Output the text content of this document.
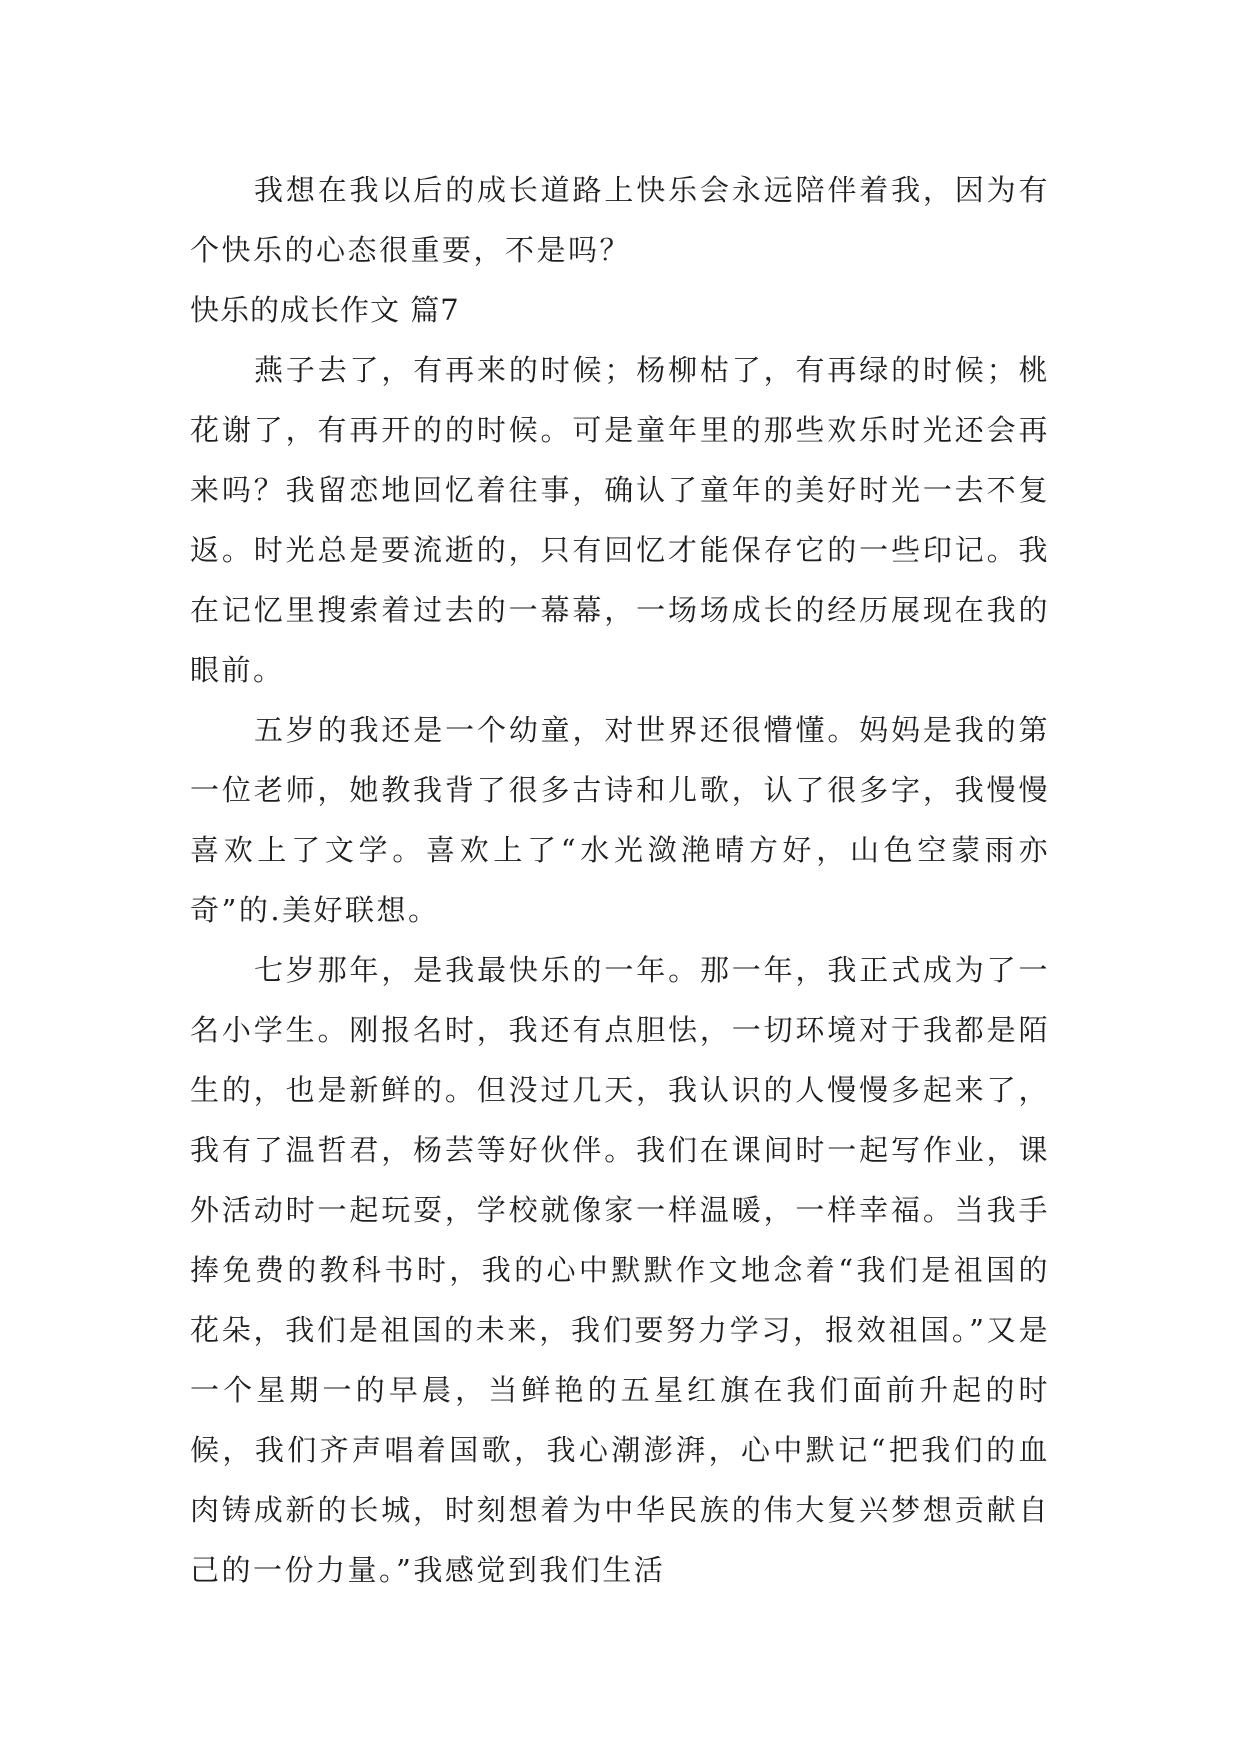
我想在我以后的成长道路上快乐会永远陪伴着我，因为有个快乐的心态很重要，不是吗？

快乐的成长作文 篇7

燕子去了，有再来的时候；杨柳枯了，有再绿的时候；桃花谢了，有再开的的时候。可是童年里的那些欢乐时光还会再来吗？我留恋地回忆着往事，确认了童年的美好时光一去不复返。时光总是要流逝的，只有回忆才能保存它的一些印记。我在记忆里搜索着过去的一幕幕，一场场成长的经历展现在我的眼前。

五岁的我还是一个幼童，对世界还很懵懂。妈妈是我的第一位老师，她教我背了很多古诗和儿歌，认了很多字，我慢慢喜欢上了文学。喜欢上了“水光潋滟晴方好，山色空蒙雨亦奇”的.美好联想。

七岁那年，是我最快乐的一年。那一年，我正式成为了一名小学生。刚报名时，我还有点胆怯，一切环境对于我都是陌生的，也是新鲜的。但没过几天，我认识的人慢慢多起来了，我有了温哲君，杨芸等好伙伴。我们在课间时一起写作业，课外活动时一起玩耍，学校就像家一样温暖，一样幸福。当我手捧免费的教科书时，我的心中默默作文地念着“我们是祖国的花朵，我们是祖国的未来，我们要努力学习，报效祖国。”又是一个星期一的早晨，当鲜艳的五星红旗在我们面前升起的时候，我们齐声唱着国歌，我心潮澎湃，心中默记“把我们的血肉铸成新的长城，时刻想着为中华民族的伟大复兴梦想贡献自己的一份力量。”我感觉到我们生活
